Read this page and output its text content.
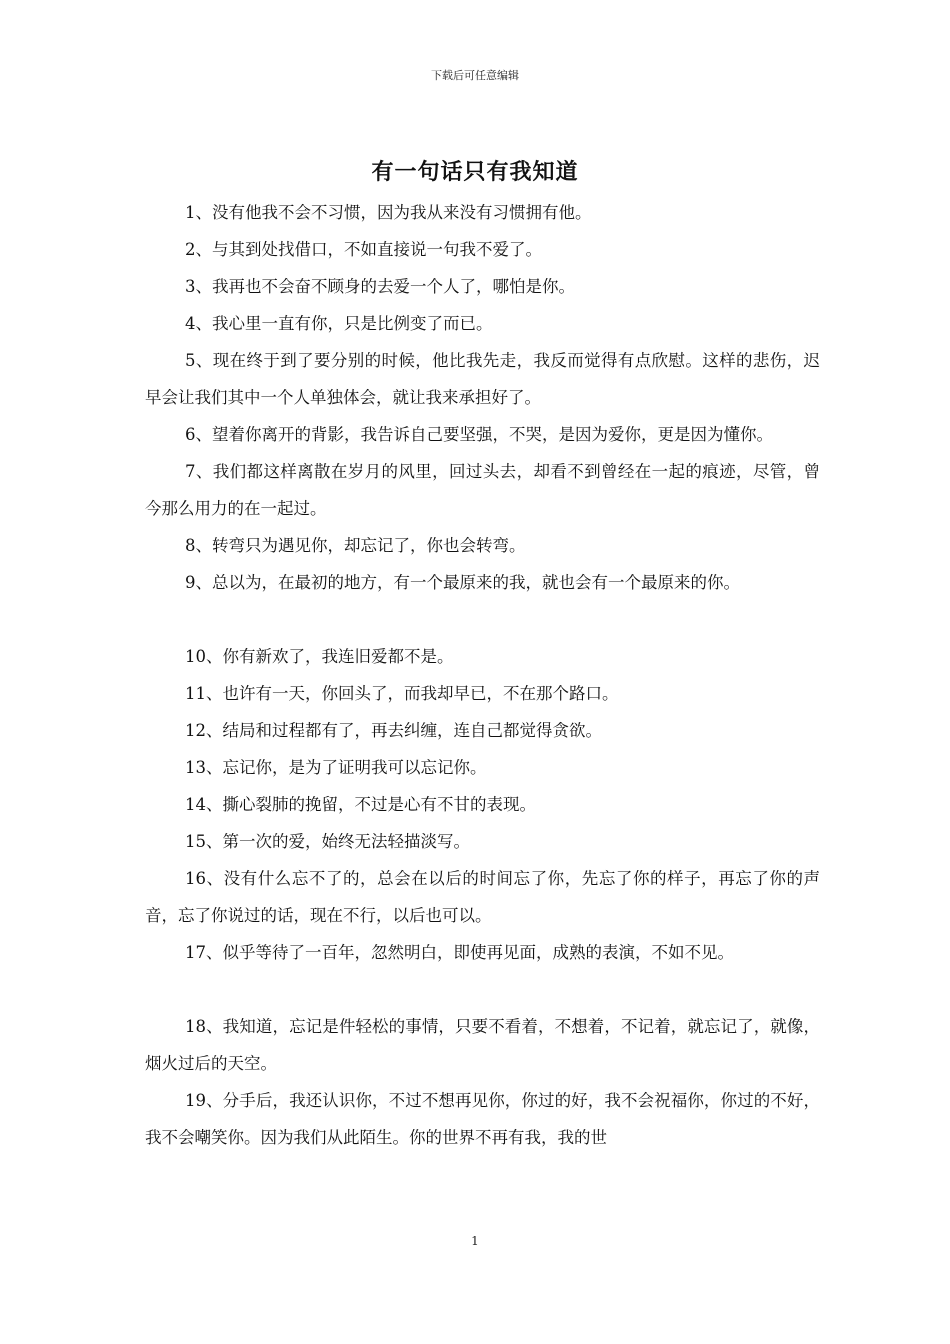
下载后可任意编辑
有一句话只有我知道

1、没有他我不会不习惯，因为我从来没有习惯拥有他。

2、与其到处找借口，不如直接说一句我不爱了。

3、我再也不会奋不顾身的去爱一个人了，哪怕是你。

4、我心里一直有你，只是比例变了而已。

5、现在终于到了要分别的时候，他比我先走，我反而觉得有点欣慰。这样的悲伤，迟早会让我们其中一个人单独体会，就让我来承担好了。

6、望着你离开的背影，我告诉自己要坚强，不哭，是因为爱你，更是因为懂你。

7、我们都这样离散在岁月的风里，回过头去，却看不到曾经在一起的痕迹，尽管，曾今那么用力的在一起过。

8、转弯只为遇见你，却忘记了，你也会转弯。

9、总以为，在最初的地方，有一个最原来的我，就也会有一个最原来的你。

10、你有新欢了，我连旧爱都不是。

11、也许有一天，你回头了，而我却早已，不在那个路口。

12、结局和过程都有了，再去纠缠，连自己都觉得贪欲。

13、忘记你，是为了证明我可以忘记你。

14、撕心裂肺的挽留，不过是心有不甘的表现。

15、第一次的爱，始终无法轻描淡写。

16、没有什么忘不了的，总会在以后的时间忘了你，先忘了你的样子，再忘了你的声音，忘了你说过的话，现在不行，以后也可以。

17、似乎等待了一百年，忽然明白，即使再见面，成熟的表演，不如不见。

18、我知道，忘记是件轻松的事情，只要不看着，不想着，不记着，就忘记了，就像，烟火过后的天空。

19、分手后，我还认识你，不过不想再见你，你过的好，我不会祝福你，你过的不好，我不会嘲笑你。因为我们从此陌生。你的世界不再有我，我的世

1
